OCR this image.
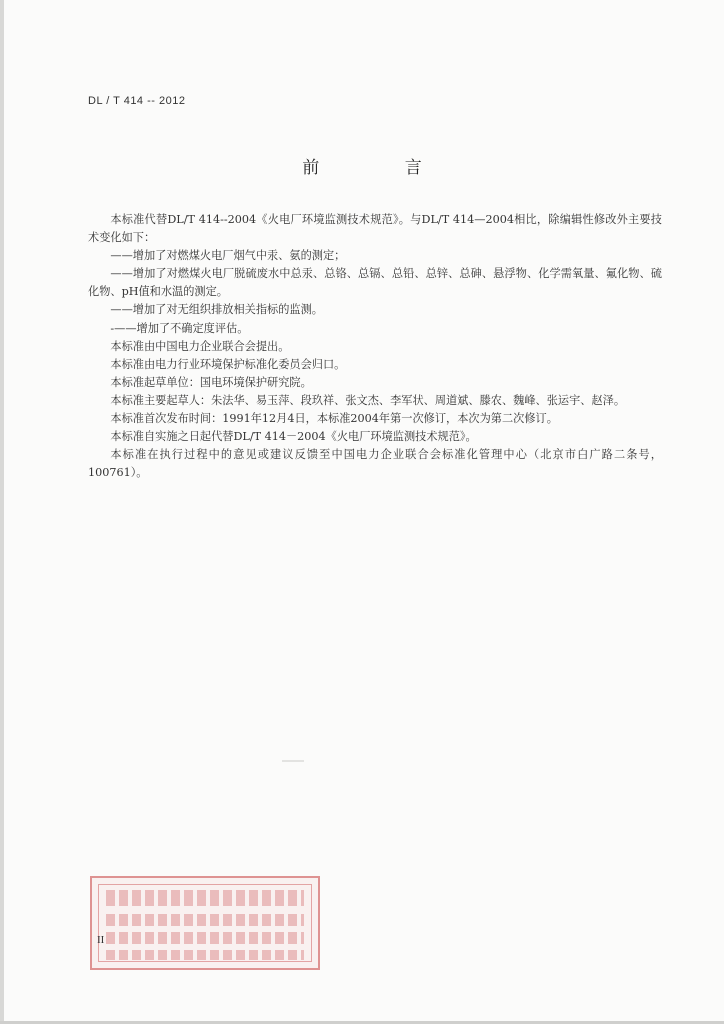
DL / T 414 -- 2012
前 言

本标准代替DL/T 414--2004《火电厂环境监测技术规范》。与DL/T 414—2004相比，除编辑性修改外主要技术变化如下：

——增加了对燃煤火电厂烟气中汞、氨的测定；

——增加了对燃煤火电厂脱硫废水中总汞、总铬、总镉、总铅、总锌、总砷、悬浮物、化学需氧量、氟化物、硫化物、pH值和水温的测定。

——增加了对无组织排放相关指标的监测。

-——增加了不确定度评估。

本标准由中国电力企业联合会提出。

本标准由电力行业环境保护标准化委员会归口。

本标准起草单位：国电环境保护研究院。

本标准主要起草人：朱法华、易玉萍、段玖祥、张文杰、李军状、周道斌、滕农、魏峰、张运宇、赵泽。

本标准首次发布时间：1991年12月4日，本标准2004年第一次修订，本次为第二次修订。

本标准自实施之日起代替DL/T 414－2004《火电厂环境监测技术规范》。

本标准在执行过程中的意见或建议反馈至中国电力企业联合会标准化管理中心（北京市白广路二条号，100761）。

II
